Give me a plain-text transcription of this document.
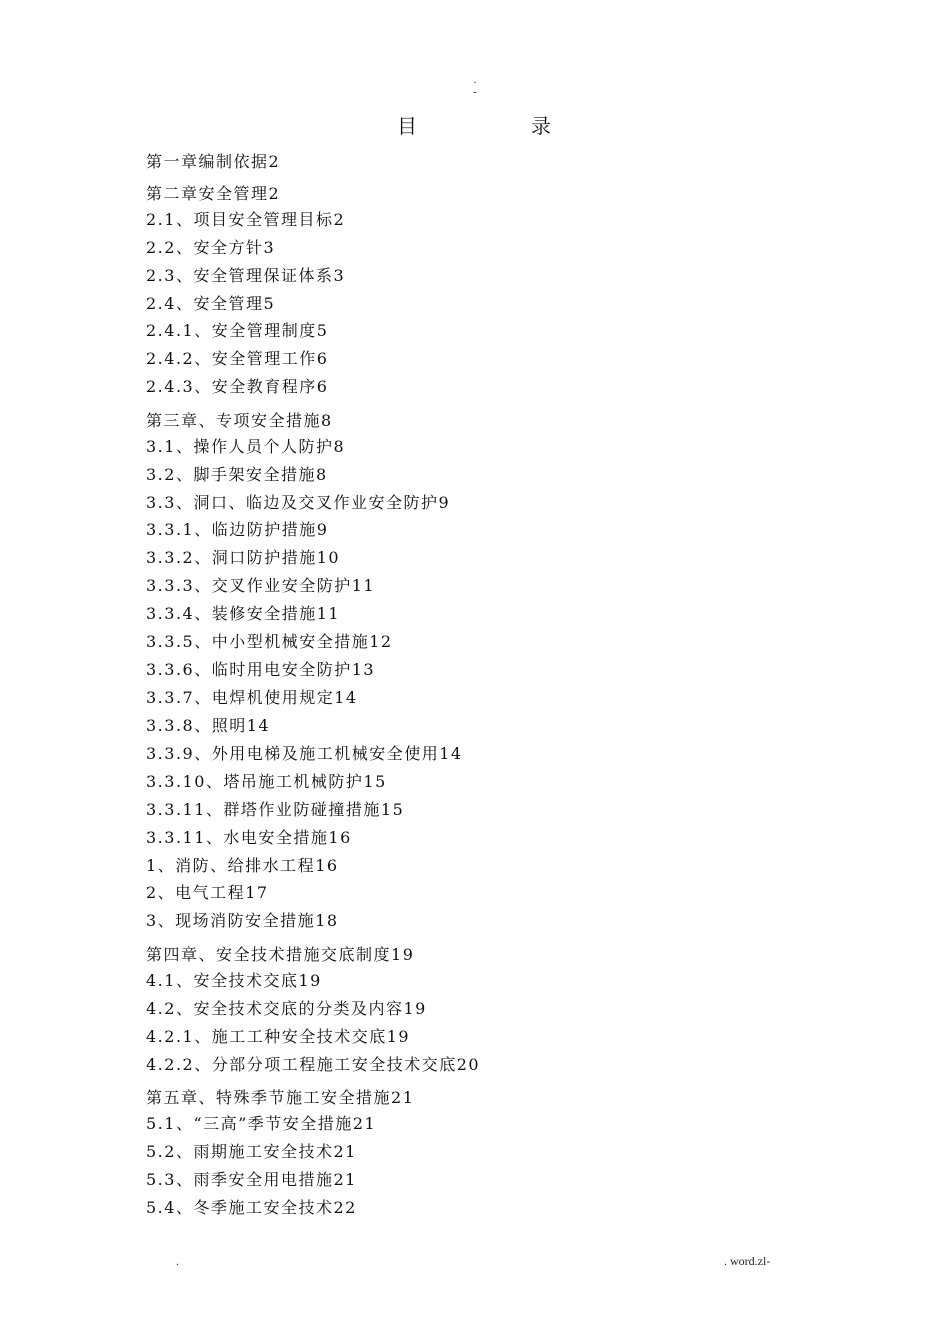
.
-
目	录
第一章编制依据2
第二章安全管理2
2.1、项目安全管理目标2
2.2、安全方针3
2.3、安全管理保证体系3
2.4、安全管理5
2.4.1、安全管理制度5
2.4.2、安全管理工作6
2.4.3、安全教育程序6
第三章、专项安全措施8
3.1、操作人员个人防护8
3.2、脚手架安全措施8
3.3、洞口、临边及交叉作业安全防护9
3.3.1、临边防护措施9
3.3.2、洞口防护措施10
3.3.3、交叉作业安全防护11
3.3.4、装修安全措施11
3.3.5、中小型机械安全措施12
3.3.6、临时用电安全防护13
3.3.7、电焊机使用规定14
3.3.8、照明14
3.3.9、外用电梯及施工机械安全使用14
3.3.10、塔吊施工机械防护15
3.3.11、群塔作业防碰撞措施15
3.3.11、水电安全措施16
1、消防、给排水工程16
2、电气工程17
3、现场消防安全措施18
第四章、安全技术措施交底制度19
4.1、安全技术交底19
4.2、安全技术交底的分类及内容19
4.2.1、施工工种安全技术交底19
4.2.2、分部分项工程施工安全技术交底20
第五章、特殊季节施工安全措施21
5.1、“三高”季节安全措施21
5.2、雨期施工安全技术21
5.3、雨季安全用电措施21
5.4、冬季施工安全技术22
.	. word.zl-
